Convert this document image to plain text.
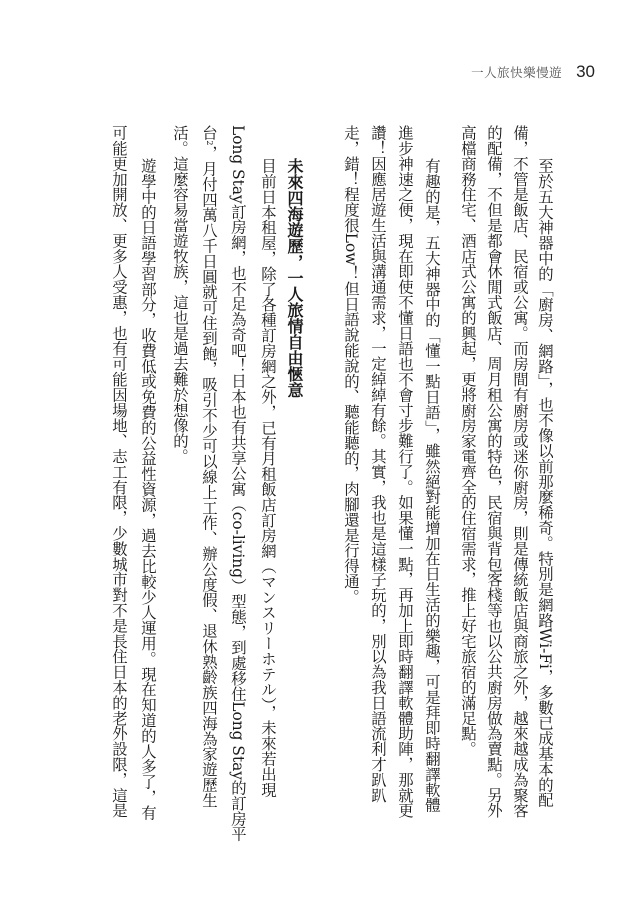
一人旅快樂慢遊 30
至於五大神器中的「廚房、網路」，也不像以前那麼稀奇。特別是網路Wi-Fi，多數已成基本的配
備，不管是飯店、民宿或公寓。而房間有廚房或迷你廚房，則是傳統飯店與商旅之外，越來越成為聚客
的配備，不但是都會休閒式飯店、周月租公寓的特色，民宿與背包客棧等也以公共廚房做為賣點。另外
高檔商務住宅、酒店式公寓的興起，更將廚房家電齊全的住宿需求，推上好宅旅宿的滿足點。
有趣的是，五大神器中的「懂一點日語」，雖然絕對能增加在日生活的樂趣，可是拜即時翻譯軟體
進步神速之便，現在即使不懂日語也不會寸步難行了。如果懂一點，再加上即時翻譯軟體助陣，那就更
讚！因應居遊生活與溝通需求，一定綽綽有餘。其實，我也是這樣子玩的，別以為我日語流利才趴趴
走，錯！程度很Low！但日語說能說的、聽能聽的，肉腳還是行得通。
未來四海遊歷，一人旅情自由愜意
目前日本租屋，除了各種訂房網之外，已有月租飯店訂房網（マンスリーホテル），未來若出現
Long Stay訂房網，也不足為奇吧！日本也有共享公寓（co-living）型態，到處移住Long Stay的訂房平
台2，月付四萬八千日圓就可住到飽，吸引不少可以線上工作、辦公度假、退休熟齡族四海為家遊歷生
活。這麼容易當遊牧族，這也是過去難於想像的。
遊學中的日語學習部分，收費低或免費的公益性資源，過去比較少人運用。現在知道的人多了，有
可能更加開放、更多人受惠，也有可能因場地、志工有限，少數城市對不是長住日本的老外設限，這是
